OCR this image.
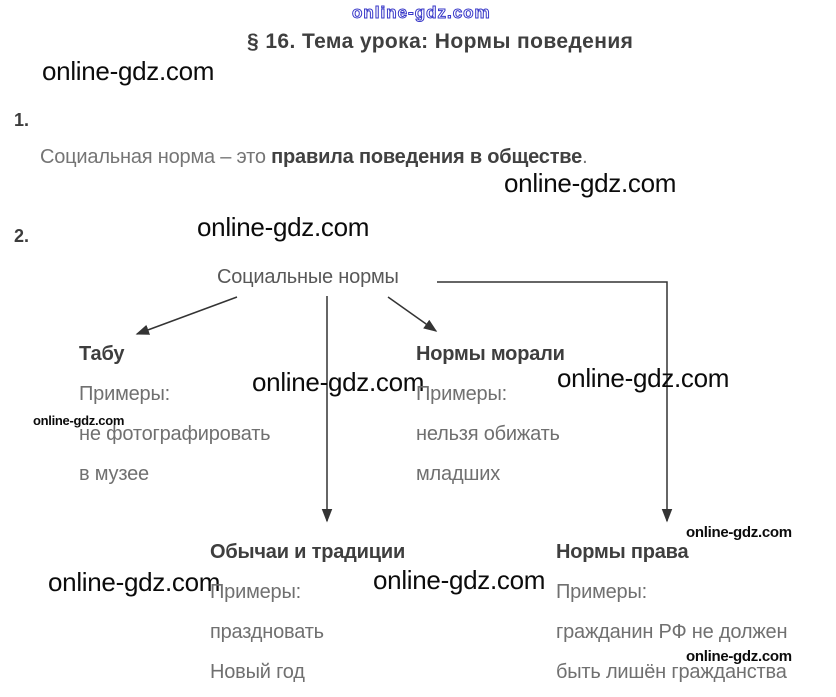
online-gdz.com
online-gdz.com
online-gdz.com
online-gdz.com
online-gdz.com	online-gdz.com
online-gdz.com
online-gdz.com
online-gdz.com	online-gdz.com
online-gdz.com
§ 16. Тема урока: Нормы поведения
1.
Социальная норма – это правила поведения в обществе.
2.
Социальные нормы
Табу
Примеры:
не фотографировать
в музее
Нормы морали
Примеры:
нельзя обижать
младших
Обычаи и традиции
Примеры:
праздновать
Новый год
Нормы права
Примеры:
гражданин РФ не должен
быть лишён гражданства
